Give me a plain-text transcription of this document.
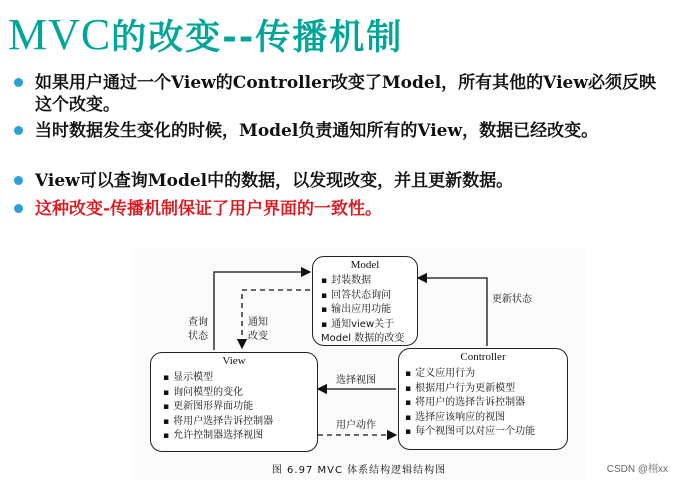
MVC 的改变--传播机制
如果用户通过一个View的Controller改变了Model，所有其他的View必须反映这个改变。
当时数据发生变化的时候，Model负责通知所有的View，数据已经改变。
View可以查询Model中的数据，以发现改变，并且更新数据。
这种改变-传播机制保证了用户界面的一致性。
Model
▪ 封装数据
▪ 回答状态询问
▪ 输出应用功能
▪ 通知view关于Model 数据的改变
View
▪ 显示模型
▪ 询问模型的变化
▪ 更新图形界面功能
▪ 将用户选择告诉控制器
▪ 允许控制器选择视图
Controller
▪ 定义应用行为
▪ 根据用户行为更新模型
▪ 将用户的选择告诉控制器
▪ 选择应该响应的视图
▪ 每个视图可以对应一个功能
查询
状态
通知
改变
更新状态
选择视图
用户动作
图 6.97 MVC 体系结构逻辑结构图	CSDN @栩xx
